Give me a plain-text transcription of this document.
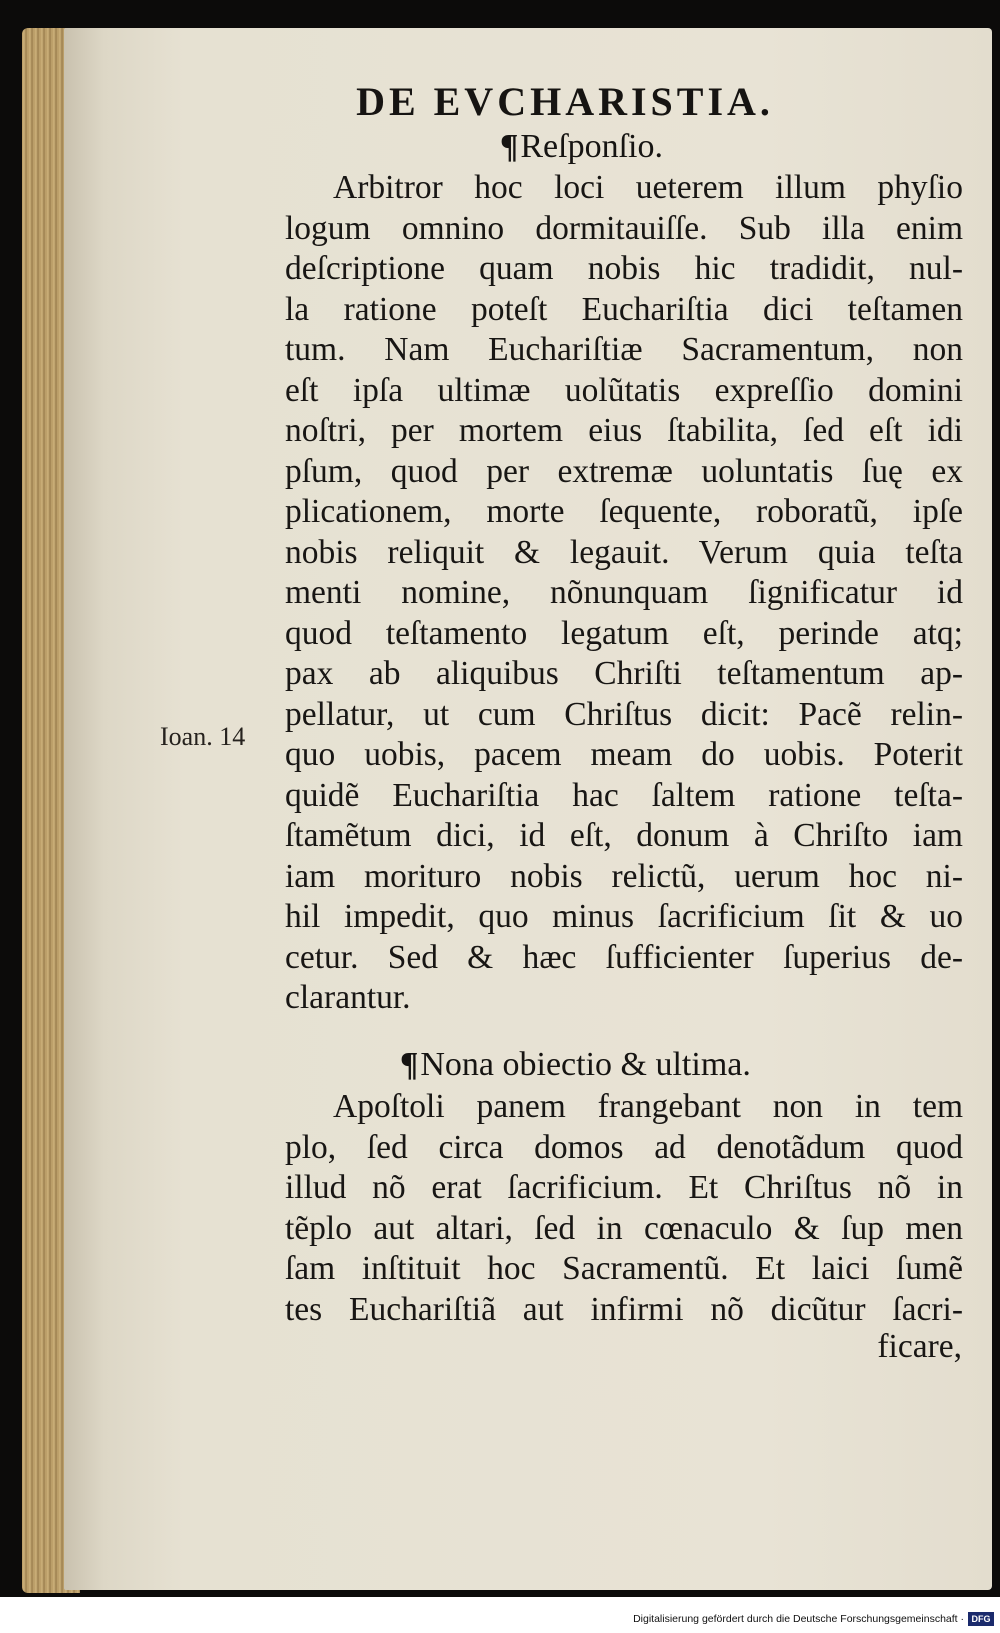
DE EVCHARISTIA.
¶Reſponſio.
Arbitror hoc loci ueterem illum phyſio
logum omnino dormitauiſſe. Sub illa enim
deſcriptione quam nobis hic tradidit, nul-
la ratione poteſt Euchariſtia dici teſtamen
tum. Nam Euchariſtiæ Sacramentum, non
eſt ipſa ultimæ uolũtatis expreſſio domini
noſtri, per mortem eius ſtabilita, ſed eſt idi
pſum, quod per extremæ uoluntatis ſuę ex
plicationem, morte ſequente, roboratũ, ipſe
nobis reliquit & legauit. Verum quia teſta
menti nomine, nõnunquam ſignificatur id
quod teſtamento legatum eſt, perinde atq;
pax ab aliquibus Chriſti teſtamentum ap-
pellatur, ut cum Chriſtus dicit: Pacẽ relin-
quo uobis, pacem meam do uobis. Poterit
quidẽ Euchariſtia hac ſaltem ratione teſta-
ſtamẽtum dici, id eſt, donum à Chriſto iam
iam morituro nobis relictũ, uerum hoc ni-
hil impedit, quo minus ſacrificium ſit & uo
cetur. Sed & hæc ſufficienter ſuperius de-
clarantur.
Ioan. 14
¶Nona obiectio & ultima.
Apoſtoli panem frangebant non in tem
plo, ſed circa domos ad denotãdum quod
illud nõ erat ſacrificium. Et Chriſtus nõ in
tẽplo aut altari, ſed in cœnaculo & ſup men
ſam inſtituit hoc Sacramentũ. Et laici ſumẽ
tes Euchariſtiã aut infirmi nõ dicũtur ſacri-
ficare,
Digitalisierung gefördert durch die Deutsche Forschungsgemeinschaft · DFG
